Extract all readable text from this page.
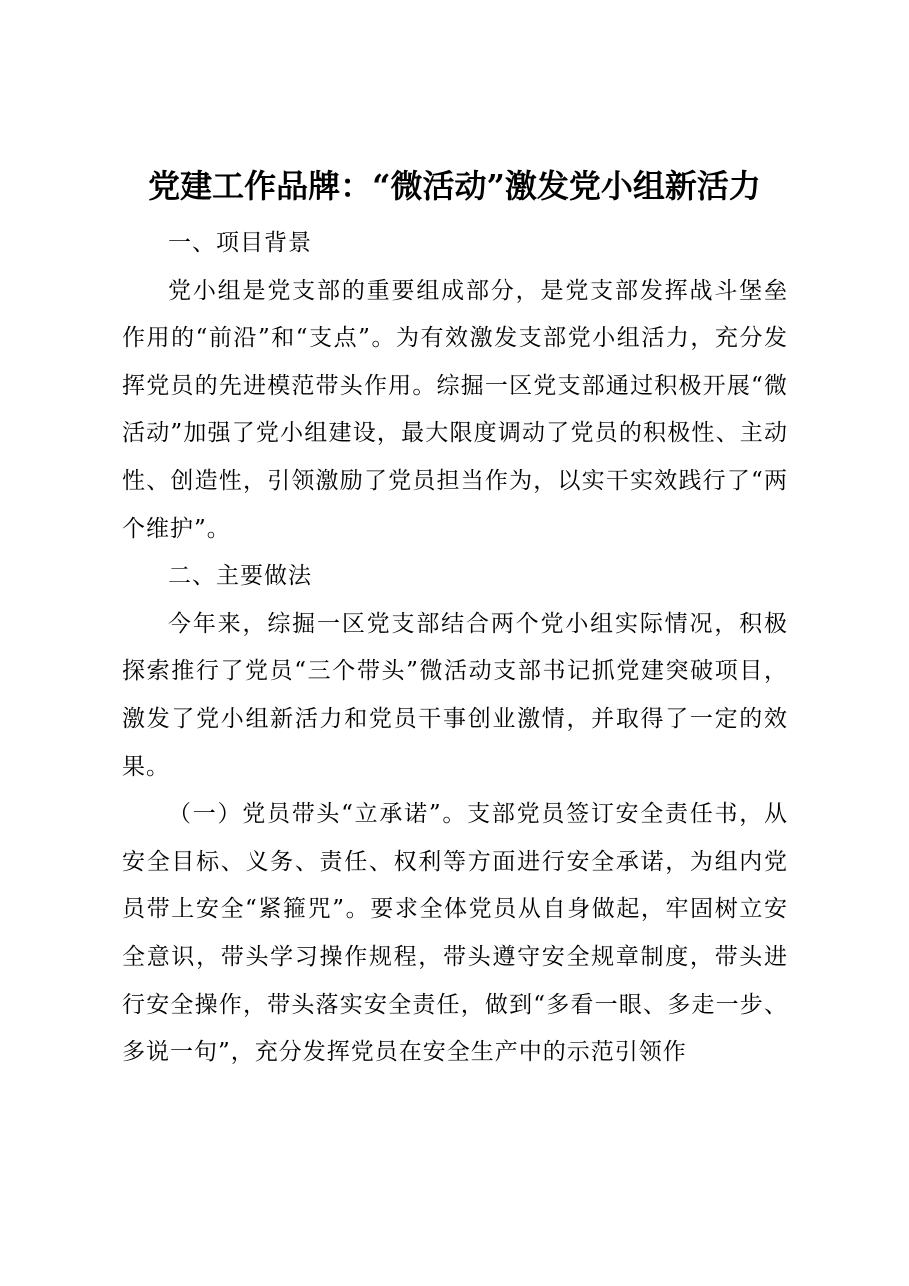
党建工作品牌：“微活动”激发党小组新活力

一、项目背景

党小组是党支部的重要组成部分，是党支部发挥战斗堡垒作用的“前沿”和“支点”。为有效激发支部党小组活力，充分发挥党员的先进模范带头作用。综掘一区党支部通过积极开展“微活动”加强了党小组建设，最大限度调动了党员的积极性、主动性、创造性，引领激励了党员担当作为，以实干实效践行了“两个维护”。

二、主要做法

今年来，综掘一区党支部结合两个党小组实际情况，积极探索推行了党员“三个带头”微活动支部书记抓党建突破项目，激发了党小组新活力和党员干事创业激情，并取得了一定的效果。

（一）党员带头“立承诺”。支部党员签订安全责任书，从安全目标、义务、责任、权利等方面进行安全承诺，为组内党员带上安全“紧箍咒”。要求全体党员从自身做起，牢固树立安全意识，带头学习操作规程，带头遵守安全规章制度，带头进行安全操作，带头落实安全责任，做到“多看一眼、多走一步、多说一句”，充分发挥党员在安全生产中的示范引领作
